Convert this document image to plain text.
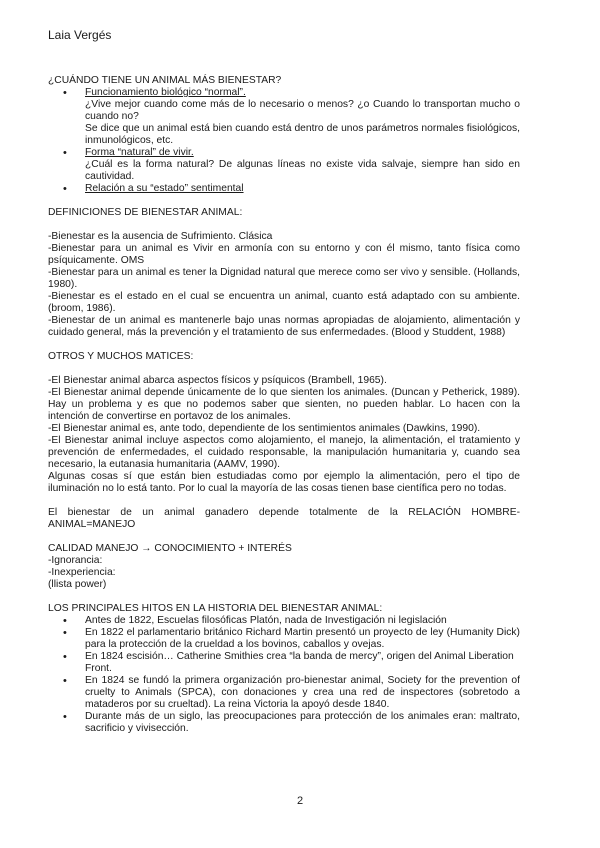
Laia Vergés

¿CUÁNDO TIENE UN ANIMAL MÁS BIENESTAR?

• Funcionamiento biológico “normal”.

¿Vive mejor cuando come más de lo necesario o menos? ¿o Cuando lo transportan mucho o cuando no?

Se dice que un animal está bien cuando está dentro de unos parámetros normales fisiológicos, inmunológicos, etc.

• Forma “natural” de vivir.

¿Cuál es la forma natural? De algunas líneas no existe vida salvaje, siempre han sido en cautividad.

• Relación a su “estado” sentimental

DEFINICIONES DE BIENESTAR ANIMAL:

-Bienestar es la ausencia de Sufrimiento. Clásica

-Bienestar para un animal es Vivir en armonía con su entorno y con él mismo, tanto física como psíquicamente. OMS

-Bienestar para un animal es tener la Dignidad natural que merece como ser vivo y sensible. (Hollands, 1980).

-Bienestar es el estado en el cual se encuentra un animal, cuanto está adaptado con su ambiente. (broom, 1986).

-Bienestar de un animal es mantenerle bajo unas normas apropiadas de alojamiento, alimentación y cuidado general, más la prevención y el tratamiento de sus enfermedades. (Blood y Studdent, 1988)

OTROS Y MUCHOS MATICES:

-El Bienestar animal abarca aspectos físicos y psíquicos (Brambell, 1965).

-El Bienestar animal depende únicamente de lo que sienten los animales. (Duncan y Petherick, 1989). Hay un problema y es que no podemos saber que sienten, no pueden hablar. Lo hacen con la intención de convertirse en portavoz de los animales.

-El Bienestar animal es, ante todo, dependiente de los sentimientos animales (Dawkins, 1990).

-El Bienestar animal incluye aspectos como alojamiento, el manejo, la alimentación, el tratamiento y prevención de enfermedades, el cuidado responsable, la manipulación humanitaria y, cuando sea necesario, la eutanasia humanitaria (AAMV, 1990).

Algunas cosas sí que están bien estudiadas como por ejemplo la alimentación, pero el tipo de iluminación no lo está tanto. Por lo cual la mayoría de las cosas tienen base científica pero no todas.

El bienestar de un animal ganadero depende totalmente de la RELACIÓN HOMBRE-ANIMAL=MANEJO

CALIDAD MANEJO → CONOCIMIENTO + INTERÉS

-Ignorancia:

-Inexperiencia:

(llista power)

LOS PRINCIPALES HITOS EN LA HISTORIA DEL BIENESTAR ANIMAL:

• Antes de 1822, Escuelas filosóficas Platón, nada de Investigación ni legislación

• En 1822 el parlamentario británico Richard Martin presentó un proyecto de ley (Humanity Dick) para la protección de la crueldad a los bovinos, caballos y ovejas.

• En 1824 escisión… Catherine Smithies crea “la banda de mercy”, origen del Animal Liberation Front.

• En 1824 se fundó la primera organización pro-bienestar animal, Society for the prevention of cruelty to Animals (SPCA), con donaciones y crea una red de inspectores (sobretodo a mataderos por su crueltad). La reina Victoria la apoyó desde 1840.

• Durante más de un siglo, las preocupaciones para protección de los animales eran: maltrato, sacrificio y vivisección.

2
